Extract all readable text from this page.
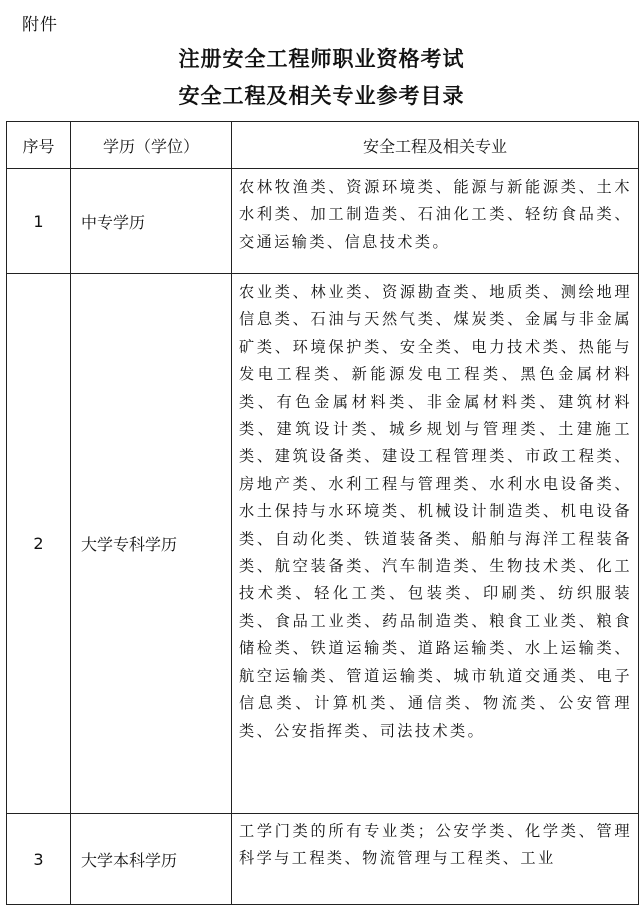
附件
注册安全工程师职业资格考试
安全工程及相关专业参考目录
序号	学历（学位）	安全工程及相关专业
1	中专学历	农林牧渔类、资源环境类、能源与新能源类、土木水利类、加工制造类、石油化工类、轻纺食品类、交通运输类、信息技术类。
2	大学专科学历	农业类、林业类、资源勘查类、地质类、测绘地理信息类、石油与天然气类、煤炭类、金属与非金属矿类、环境保护类、安全类、电力技术类、热能与发电工程类、新能源发电工程类、黑色金属材料类、有色金属材料类、非金属材料类、建筑材料类、建筑设计类、城乡规划与管理类、土建施工类、建筑设备类、建设工程管理类、市政工程类、房地产类、水利工程与管理类、水利水电设备类、水土保持与水环境类、机械设计制造类、机电设备类、自动化类、铁道装备类、船舶与海洋工程装备类、航空装备类、汽车制造类、生物技术类、化工技术类、轻化工类、包装类、印刷类、纺织服装类、食品工业类、药品制造类、粮食工业类、粮食储检类、铁道运输类、道路运输类、水上运输类、航空运输类、管道运输类、城市轨道交通类、电子信息类、计算机类、通信类、物流类、公安管理类、公安指挥类、司法技术类。
3	大学本科学历	工学门类的所有专业类；公安学类、化学类、管理科学与工程类、物流管理与工程类、工业
